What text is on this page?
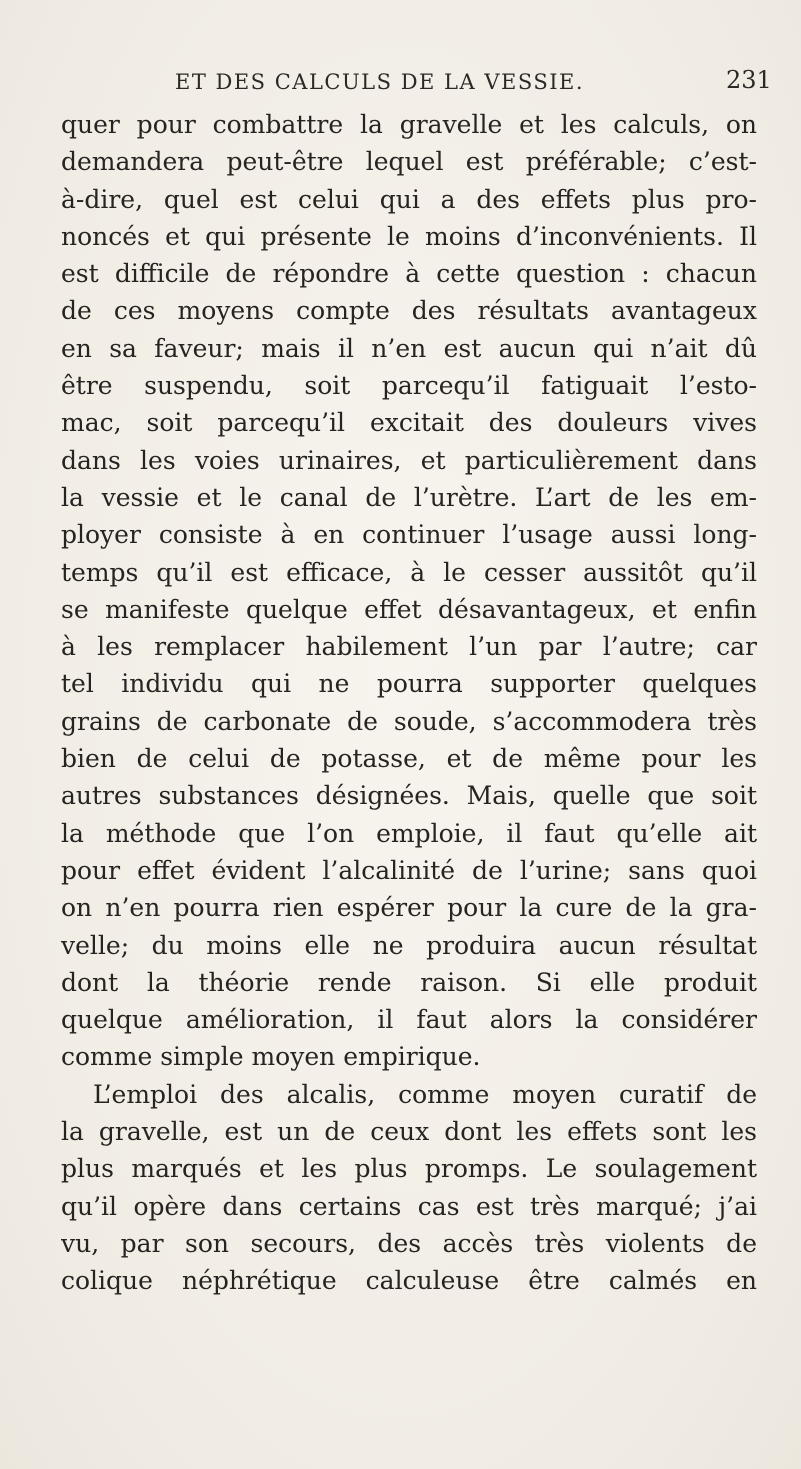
ET DES CALCULS DE LA VESSIE.	231
quer pour combattre la gravelle et les calculs, on
demandera peut-être lequel est préférable; c’est-
à-dire, quel est celui qui a des effets plus pro-
noncés et qui présente le moins d’inconvénients. Il
est difficile de répondre à cette question : chacun
de ces moyens compte des résultats avantageux
en sa faveur; mais il n’en est aucun qui n’ait dû
être suspendu, soit parcequ’il fatiguait l’esto-
mac, soit parcequ’il excitait des douleurs vives
dans les voies urinaires, et particulièrement dans
la vessie et le canal de l’urètre. L’art de les em-
ployer consiste à en continuer l’usage aussi long-
temps qu’il est efficace, à le cesser aussitôt qu’il
se manifeste quelque effet désavantageux, et enfin
à les remplacer habilement l’un par l’autre; car
tel individu qui ne pourra supporter quelques
grains de carbonate de soude, s’accommodera très
bien de celui de potasse, et de même pour les
autres substances désignées. Mais, quelle que soit
la méthode que l’on emploie, il faut qu’elle ait
pour effet évident l’alcalinité de l’urine; sans quoi
on n’en pourra rien espérer pour la cure de la gra-
velle; du moins elle ne produira aucun résultat
dont la théorie rende raison. Si elle produit
quelque amélioration, il faut alors la considérer
comme simple moyen empirique.
L’emploi des alcalis, comme moyen curatif de
la gravelle, est un de ceux dont les effets sont les
plus marqués et les plus promps. Le soulagement
qu’il opère dans certains cas est très marqué; j’ai
vu, par son secours, des accès très violents de
colique néphrétique calculeuse être calmés en
